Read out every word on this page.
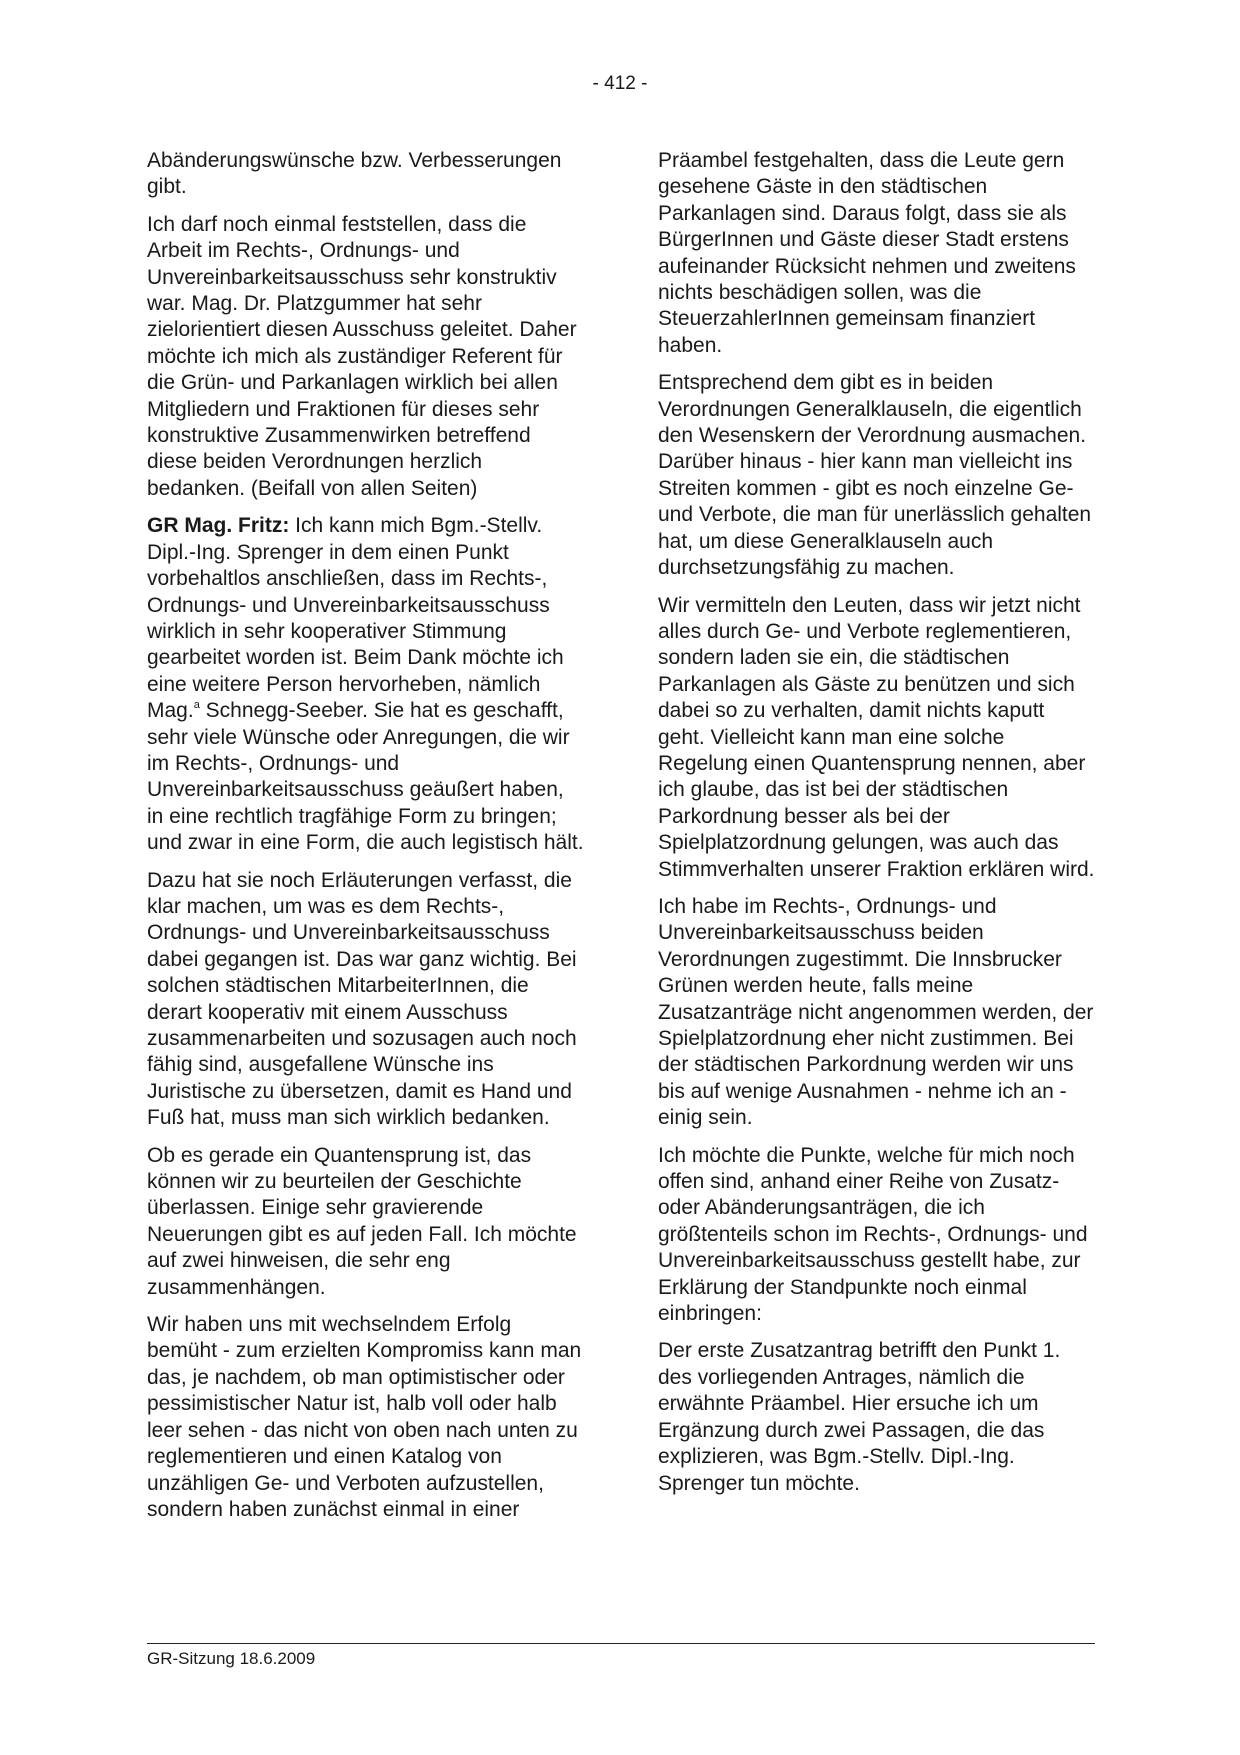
- 412 -

Abänderungswünsche bzw. Verbesserungen gibt.

Ich darf noch einmal feststellen, dass die Arbeit im Rechts-, Ordnungs- und Unvereinbarkeitsausschuss sehr konstruktiv war. Mag. Dr. Platzgummer hat sehr zielorientiert diesen Ausschuss geleitet. Daher möchte ich mich als zuständiger Referent für die Grün- und Parkanlagen wirklich bei allen Mitgliedern und Fraktionen für dieses sehr konstruktive Zusammenwirken betreffend diese beiden Verordnungen herzlich bedanken. (Beifall von allen Seiten)

GR Mag. Fritz: Ich kann mich Bgm.-Stellv. Dipl.-Ing. Sprenger in dem einen Punkt vorbehaltlos anschließen, dass im Rechts-, Ordnungs- und Unvereinbarkeitsausschuss wirklich in sehr kooperativer Stimmung gearbeitet worden ist. Beim Dank möchte ich eine weitere Person hervorheben, nämlich Mag.$^a$ Schnegg-Seeber. Sie hat es geschafft, sehr viele Wünsche oder Anregungen, die wir im Rechts-, Ordnungs- und Unvereinbarkeitsausschuss geäußert haben, in eine rechtlich tragfähige Form zu bringen; und zwar in eine Form, die auch legistisch hält.

Dazu hat sie noch Erläuterungen verfasst, die klar machen, um was es dem Rechts-, Ordnungs- und Unvereinbarkeitsausschuss dabei gegangen ist. Das war ganz wichtig. Bei solchen städtischen MitarbeiterInnen, die derart kooperativ mit einem Ausschuss zusammenarbeiten und sozusagen auch noch fähig sind, ausgefallene Wünsche ins Juristische zu übersetzen, damit es Hand und Fuß hat, muss man sich wirklich bedanken.

Ob es gerade ein Quantensprung ist, das können wir zu beurteilen der Geschichte überlassen. Einige sehr gravierende Neuerungen gibt es auf jeden Fall. Ich möchte auf zwei hinweisen, die sehr eng zusammenhängen.

Wir haben uns mit wechselndem Erfolg bemüht - zum erzielten Kompromiss kann man das, je nachdem, ob man optimistischer oder pessimistischer Natur ist, halb voll oder halb leer sehen - das nicht von oben nach unten zu reglementieren und einen Katalog von unzähligen Ge- und Verboten aufzustellen, sondern haben zunächst einmal in einer

Präambel festgehalten, dass die Leute gern gesehene Gäste in den städtischen Parkanlagen sind. Daraus folgt, dass sie als BürgerInnen und Gäste dieser Stadt erstens aufeinander Rücksicht nehmen und zweitens nichts beschädigen sollen, was die SteuerzahlerInnen gemeinsam finanziert haben.

Entsprechend dem gibt es in beiden Verordnungen Generalklauseln, die eigentlich den Wesenskern der Verordnung ausmachen. Darüber hinaus - hier kann man vielleicht ins Streiten kommen - gibt es noch einzelne Ge- und Verbote, die man für unerlässlich gehalten hat, um diese Generalklauseln auch durchsetzungsfähig zu machen.

Wir vermitteln den Leuten, dass wir jetzt nicht alles durch Ge- und Verbote reglementieren, sondern laden sie ein, die städtischen Parkanlagen als Gäste zu benützen und sich dabei so zu verhalten, damit nichts kaputt geht. Vielleicht kann man eine solche Regelung einen Quantensprung nennen, aber ich glaube, das ist bei der städtischen Parkordnung besser als bei der Spielplatzordnung gelungen, was auch das Stimmverhalten unserer Fraktion erklären wird.

Ich habe im Rechts-, Ordnungs- und Unvereinbarkeitsausschuss beiden Verordnungen zugestimmt. Die Innsbrucker Grünen werden heute, falls meine Zusatzanträge nicht angenommen werden, der Spielplatzordnung eher nicht zustimmen. Bei der städtischen Parkordnung werden wir uns bis auf wenige Ausnahmen - nehme ich an - einig sein.

Ich möchte die Punkte, welche für mich noch offen sind, anhand einer Reihe von Zusatz- oder Abänderungsanträgen, die ich größtenteils schon im Rechts-, Ordnungs- und Unvereinbarkeitsausschuss gestellt habe, zur Erklärung der Standpunkte noch einmal einbringen:

Der erste Zusatzantrag betrifft den Punkt 1. des vorliegenden Antrages, nämlich die erwähnte Präambel. Hier ersuche ich um Ergänzung durch zwei Passagen, die das explizieren, was Bgm.-Stellv. Dipl.-Ing. Sprenger tun möchte.

GR-Sitzung 18.6.2009
